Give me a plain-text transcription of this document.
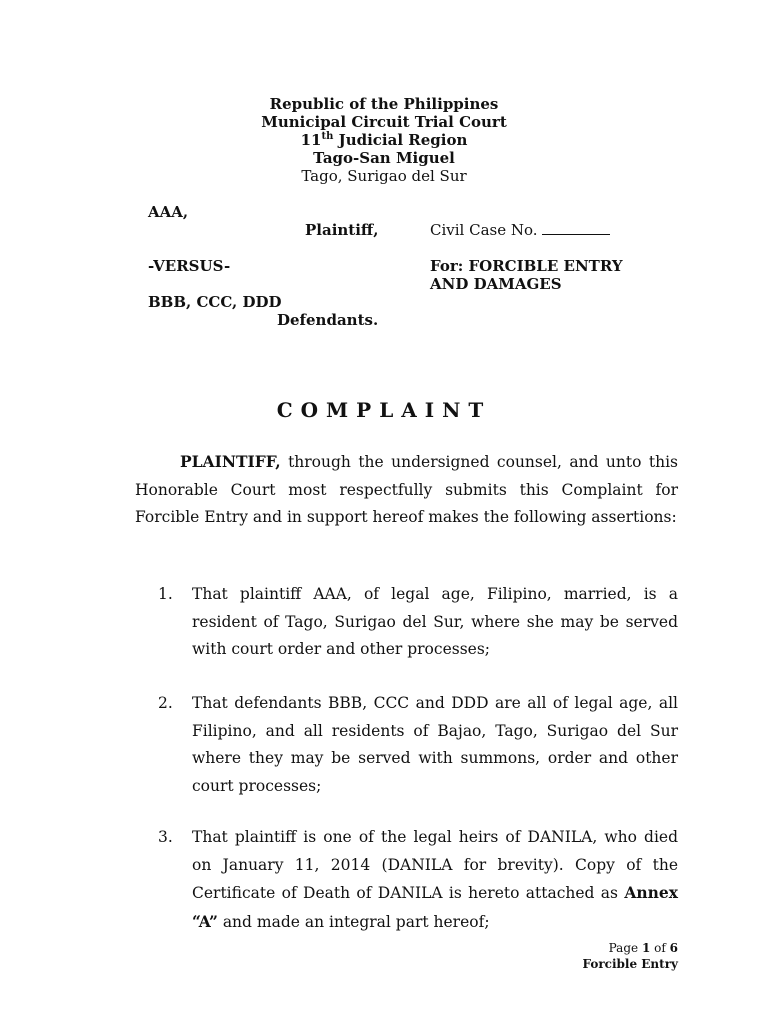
Republic of the Philippines
Municipal Circuit Trial Court
11th Judicial Region
Tago-San Miguel
Tago, Surigao del Sur
AAA,
Plaintiff,	Civil Case No.
-VERSUS-	For: FORCIBLE ENTRY
AND DAMAGES
BBB, CCC, DDD
Defendants.
COMPLAINT
PLAINTIFF, through the undersigned counsel, and unto this Honorable Court most respectfully submits this Complaint for Forcible Entry and in support hereof makes the following assertions:
1. That plaintiff AAA, of legal age, Filipino, married, is a resident of Tago, Surigao del Sur, where she may be served with court order and other processes;
2. That defendants BBB, CCC and DDD are all of legal age, all Filipino, and all residents of Bajao, Tago, Surigao del Sur where they may be served with summons, order and other court processes;
3. That plaintiff is one of the legal heirs of DANILA, who died on January 11, 2014 (DANILA for brevity). Copy of the Certificate of Death of DANILA is hereto attached as Annex “A” and made an integral part hereof;
Page 1 of 6
Forcible Entry
